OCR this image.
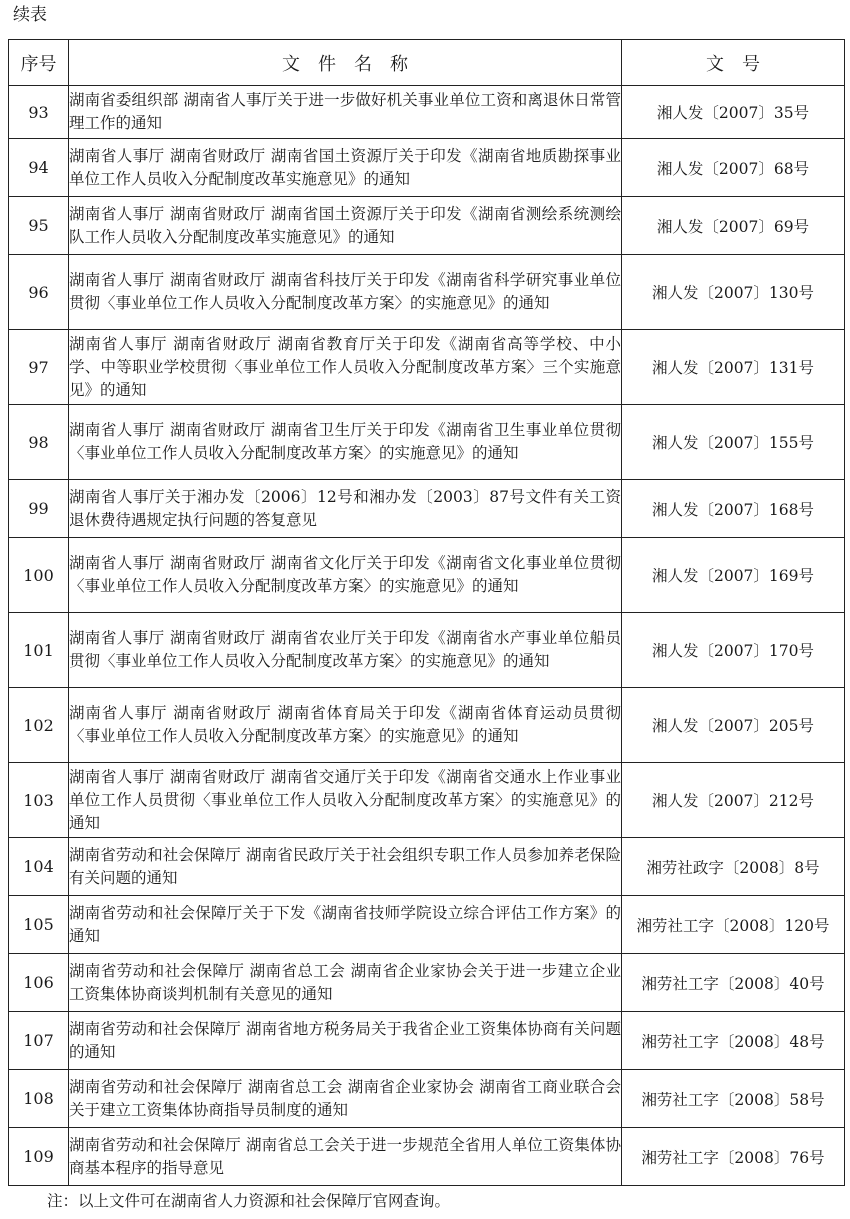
续表
序号	文　件　名　称	文　号
93	湖南省委组织部 湖南省人事厅关于进一步做好机关事业单位工资和离退休日常管理工作的通知	湘人发〔2007〕35号
94	湖南省人事厅 湖南省财政厅 湖南省国土资源厅关于印发《湖南省地质勘探事业单位工作人员收入分配制度改革实施意见》的通知	湘人发〔2007〕68号
95	湖南省人事厅 湖南省财政厅 湖南省国土资源厅关于印发《湖南省测绘系统测绘队工作人员收入分配制度改革实施意见》的通知	湘人发〔2007〕69号
96	湖南省人事厅 湖南省财政厅 湖南省科技厅关于印发《湖南省科学研究事业单位贯彻〈事业单位工作人员收入分配制度改革方案〉的实施意见》的通知	湘人发〔2007〕130号
97	湖南省人事厅 湖南省财政厅 湖南省教育厅关于印发《湖南省高等学校、中小学、中等职业学校贯彻〈事业单位工作人员收入分配制度改革方案〉三个实施意见》的通知	湘人发〔2007〕131号
98	湖南省人事厅 湖南省财政厅 湖南省卫生厅关于印发《湖南省卫生事业单位贯彻〈事业单位工作人员收入分配制度改革方案〉的实施意见》的通知	湘人发〔2007〕155号
99	湖南省人事厅关于湘办发〔2006〕12号和湘办发〔2003〕87号文件有关工资退休费待遇规定执行问题的答复意见	湘人发〔2007〕168号
100	湖南省人事厅 湖南省财政厅 湖南省文化厅关于印发《湖南省文化事业单位贯彻〈事业单位工作人员收入分配制度改革方案〉的实施意见》的通知	湘人发〔2007〕169号
101	湖南省人事厅 湖南省财政厅 湖南省农业厅关于印发《湖南省水产事业单位船员贯彻〈事业单位工作人员收入分配制度改革方案〉的实施意见》的通知	湘人发〔2007〕170号
102	湖南省人事厅 湖南省财政厅 湖南省体育局关于印发《湖南省体育运动员贯彻〈事业单位工作人员收入分配制度改革方案〉的实施意见》的通知	湘人发〔2007〕205号
103	湖南省人事厅 湖南省财政厅 湖南省交通厅关于印发《湖南省交通水上作业事业单位工作人员贯彻〈事业单位工作人员收入分配制度改革方案〉的实施意见》的通知	湘人发〔2007〕212号
104	湖南省劳动和社会保障厅 湖南省民政厅关于社会组织专职工作人员参加养老保险有关问题的通知	湘劳社政字〔2008〕8号
105	湖南省劳动和社会保障厅关于下发《湖南省技师学院设立综合评估工作方案》的通知	湘劳社工字〔2008〕120号
106	湖南省劳动和社会保障厅 湖南省总工会 湖南省企业家协会关于进一步建立企业工资集体协商谈判机制有关意见的通知	湘劳社工字〔2008〕40号
107	湖南省劳动和社会保障厅 湖南省地方税务局关于我省企业工资集体协商有关问题的通知	湘劳社工字〔2008〕48号
108	湖南省劳动和社会保障厅 湖南省总工会 湖南省企业家协会 湖南省工商业联合会关于建立工资集体协商指导员制度的通知	湘劳社工字〔2008〕58号
109	湖南省劳动和社会保障厅 湖南省总工会关于进一步规范全省用人单位工资集体协商基本程序的指导意见	湘劳社工字〔2008〕76号
注：以上文件可在湖南省人力资源和社会保障厅官网查询。
